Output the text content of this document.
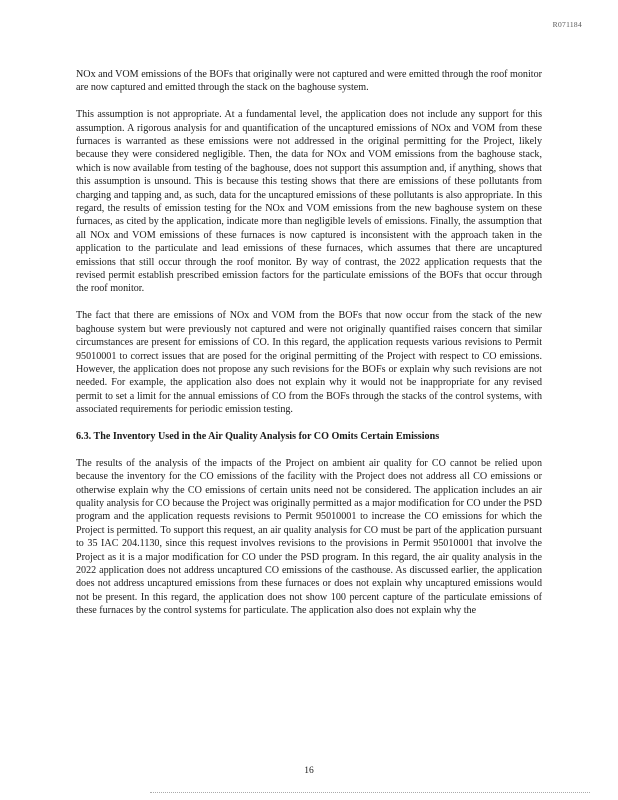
R071184

NOx and VOM emissions of the BOFs that originally were not captured and were emitted through the roof monitor are now captured and emitted through the stack on the baghouse system.

This assumption is not appropriate. At a fundamental level, the application does not include any support for this assumption. A rigorous analysis for and quantification of the uncaptured emissions of NOx and VOM from these furnaces is warranted as these emissions were not addressed in the original permitting for the Project, likely because they were considered negligible. Then, the data for NOx and VOM emissions from the baghouse stack, which is now available from testing of the baghouse, does not support this assumption and, if anything, shows that this assumption is unsound. This is because this testing shows that there are emissions of these pollutants from charging and tapping and, as such, data for the uncaptured emissions of these pollutants is also appropriate. In this regard, the results of emission testing for the NOx and VOM emissions from the new baghouse system on these furnaces, as cited by the application, indicate more than negligible levels of emissions. Finally, the assumption that all NOx and VOM emissions of these furnaces is now captured is inconsistent with the approach taken in the application to the particulate and lead emissions of these furnaces, which assumes that there are uncaptured emissions that still occur through the roof monitor. By way of contrast, the 2022 application requests that the revised permit establish prescribed emission factors for the particulate emissions of the BOFs that occur through the roof monitor.

The fact that there are emissions of NOx and VOM from the BOFs that now occur from the stack of the new baghouse system but were previously not captured and were not originally quantified raises concern that similar circumstances are present for emissions of CO. In this regard, the application requests various revisions to Permit 95010001 to correct issues that are posed for the original permitting of the Project with respect to CO emissions. However, the application does not propose any such revisions for the BOFs or explain why such revisions are not needed. For example, the application also does not explain why it would not be inappropriate for any revised permit to set a limit for the annual emissions of CO from the BOFs through the stacks of the control systems, with associated requirements for periodic emission testing.

6.3. The Inventory Used in the Air Quality Analysis for CO Omits Certain Emissions

The results of the analysis of the impacts of the Project on ambient air quality for CO cannot be relied upon because the inventory for the CO emissions of the facility with the Project does not address all CO emissions or otherwise explain why the CO emissions of certain units need not be considered. The application includes an air quality analysis for CO because the Project was originally permitted as a major modification for CO under the PSD program and the application requests revisions to Permit 95010001 to increase the CO emissions for which the Project is permitted. To support this request, an air quality analysis for CO must be part of the application pursuant to 35 IAC 204.1130, since this request involves revisions to the provisions in Permit 95010001 that involve the Project as it is a major modification for CO under the PSD program. In this regard, the air quality analysis in the 2022 application does not address uncaptured CO emissions of the casthouse. As discussed earlier, the application does not address uncaptured emissions from these furnaces or does not explain why uncaptured emissions would not be present. In this regard, the application does not show 100 percent capture of the particulate emissions of these furnaces by the control systems for particulate. The application also does not explain why the

16
